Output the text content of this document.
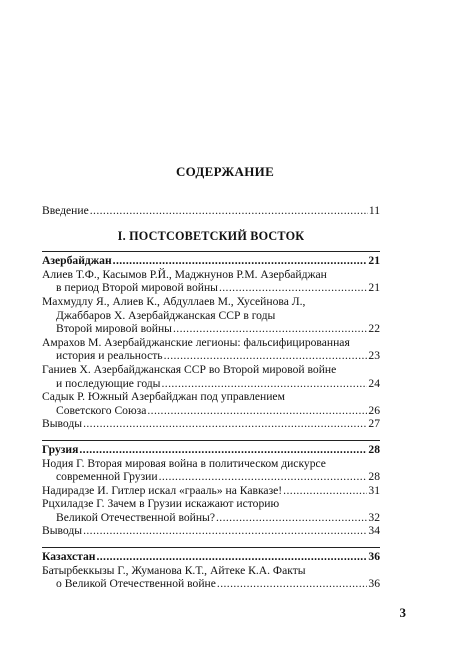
СОДЕРЖАНИЕ
Введение .....	11
I. ПОСТСОВЕТСКИЙ ВОСТОК
Азербайджан .....	21
Алиев Т.Ф., Касымов Р.Й., Маджнунов Р.М. Азербайджан
в период Второй мировой войны .....	21
Махмудлу Я., Алиев К., Абдуллаев М., Хусейнова Л.,
Джаббаров Х. Азербайджанская ССР в годы
Второй мировой войны .....	22
Амрахов М. Азербайджанские легионы: фальсифицированная
история и реальность .....	23
Ганиев Х. Азербайджанская ССР во Второй мировой войне
и последующие годы .....	24
Садык Р. Южный Азербайджан под управлением
Советского Союза .....	26
Выводы .....	27
Грузия .....	28
Нодия Г. Вторая мировая война в политическом дискурсе
современной Грузии .....	28
Надирадзе И. Гитлер искал «грааль» на Кавказе! .....	31
Рцхиладзе Г. Зачем в Грузии искажают историю
Великой Отечественной войны? .....	32
Выводы .....	34
Казахстан .....	36
Батырбеккызы Г., Жуманова К.Т., Айтеке К.А. Факты
о Великой Отечественной войне .....	36
3
